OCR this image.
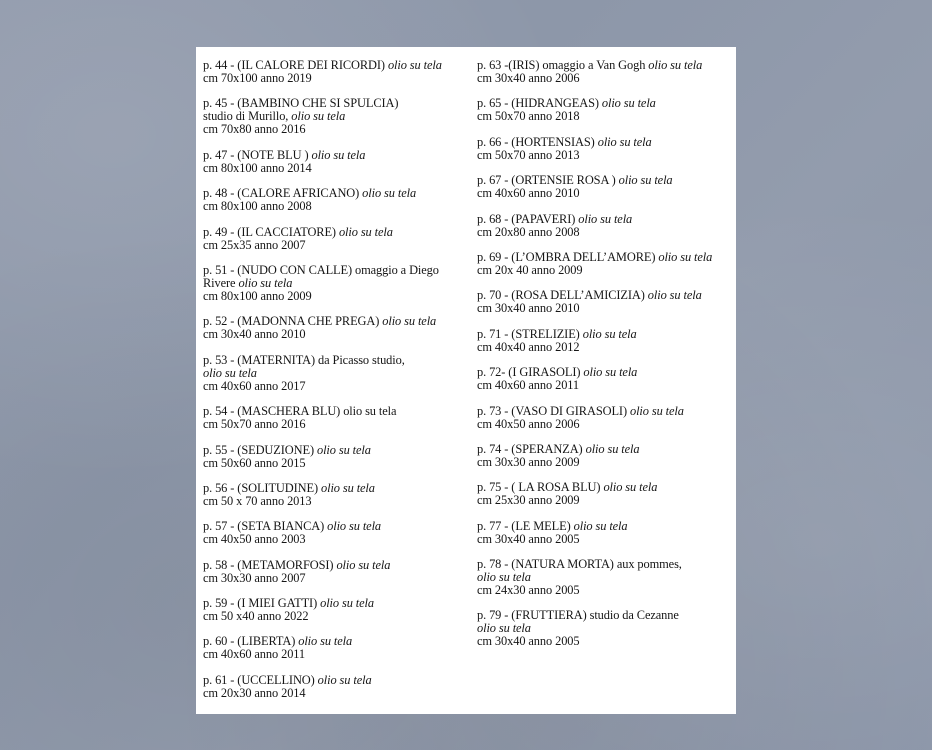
p. 44 - (IL CALORE DEI RICORDI) olio su tela
cm 70x100 anno 2019
p. 45 - (BAMBINO CHE SI SPULCIA)
studio di Murillo, olio su tela
cm 70x80 anno 2016
p. 47 - (NOTE BLU ) olio su tela
cm 80x100 anno 2014
p. 48 - (CALORE AFRICANO) olio su tela
cm 80x100 anno 2008
p. 49 - (IL CACCIATORE) olio su tela
cm 25x35 anno 2007
p. 51 - (NUDO CON CALLE) omaggio a Diego
Rivere olio su tela
cm 80x100 anno 2009
p. 52 - (MADONNA CHE PREGA) olio su tela
cm 30x40 anno 2010
p. 53 - (MATERNITA) da Picasso studio,
olio su tela
cm 40x60 anno 2017
p. 54 - (MASCHERA BLU) olio su tela
cm 50x70 anno 2016
p. 55 - (SEDUZIONE) olio su tela
cm 50x60 anno 2015
p. 56 - (SOLITUDINE) olio su tela
cm 50 x 70 anno 2013
p. 57 - (SETA BIANCA) olio su tela
cm 40x50 anno 2003
p. 58 - (METAMORFOSI) olio su tela
cm 30x30 anno 2007
p. 59 - (I MIEI GATTI) olio su tela
cm 50 x40 anno 2022
p. 60 - (LIBERTA) olio su tela
cm 40x60 anno 2011
p. 61 - (UCCELLINO) olio su tela
cm 20x30 anno 2014
p. 63 -(IRIS) omaggio a Van Gogh olio su tela
cm 30x40 anno 2006
p. 65 - (HIDRANGEAS) olio su tela
cm 50x70 anno 2018
p. 66 - (HORTENSIAS) olio su tela
cm 50x70 anno 2013
p. 67 - (ORTENSIE ROSA ) olio su tela
cm 40x60 anno 2010
p. 68 - (PAPAVERI) olio su tela
cm 20x80 anno 2008
p. 69 - (L’OMBRA DELL’AMORE) olio su tela
cm 20x 40 anno 2009
p. 70 - (ROSA DELL’AMICIZIA) olio su tela
cm 30x40 anno 2010
p. 71 - (STRELIZIE) olio su tela
cm 40x40 anno 2012
p. 72- (I GIRASOLI) olio su tela
cm 40x60 anno 2011
p. 73 - (VASO DI GIRASOLI) olio su tela
cm 40x50 anno 2006
p. 74 - (SPERANZA) olio su tela
cm 30x30 anno 2009
p. 75 - ( LA ROSA BLU) olio su tela
cm 25x30 anno 2009
p. 77 - (LE MELE) olio su tela
cm 30x40 anno 2005
p. 78 - (NATURA MORTA) aux pommes,
olio su tela
cm 24x30 anno 2005
p. 79 - (FRUTTIERA) studio da Cezanne
olio su tela
cm 30x40 anno 2005
